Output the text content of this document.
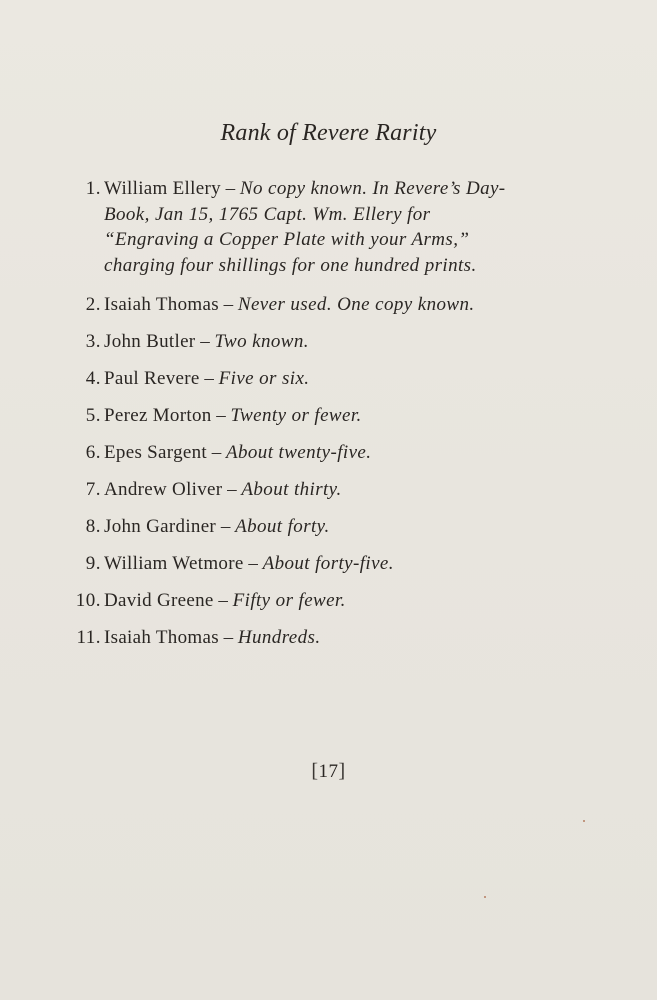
Rank of Revere Rarity
1. William Ellery – No copy known. In Revere’s Day-Book, Jan 15, 1765 Capt. Wm. Ellery for “Engraving a Copper Plate with your Arms,” charging four shillings for one hundred prints.
2. Isaiah Thomas – Never used. One copy known.
3. John Butler – Two known.
4. Paul Revere – Five or six.
5. Perez Morton – Twenty or fewer.
6. Epes Sargent – About twenty-five.
7. Andrew Oliver – About thirty.
8. John Gardiner – About forty.
9. William Wetmore – About forty-five.
10. David Greene – Fifty or fewer.
11. Isaiah Thomas – Hundreds.
[17]
